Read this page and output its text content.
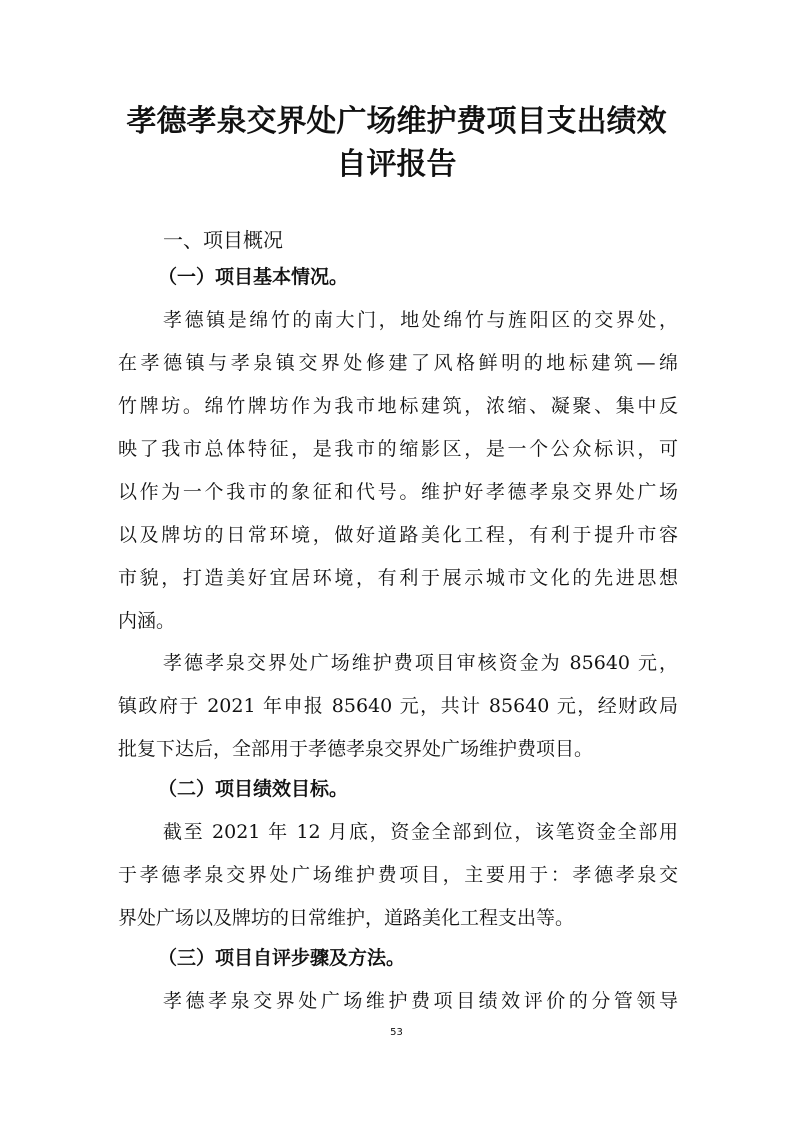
孝德孝泉交界处广场维护费项目支出绩效
自评报告
一、项目概况
（一）项目基本情况。
孝德镇是绵竹的南大门，地处绵竹与旌阳区的交界处，
在孝德镇与孝泉镇交界处修建了风格鲜明的地标建筑—绵
竹牌坊。绵竹牌坊作为我市地标建筑，浓缩、凝聚、集中反
映了我市总体特征，是我市的缩影区，是一个公众标识，可
以作为一个我市的象征和代号。维护好孝德孝泉交界处广场
以及牌坊的日常环境，做好道路美化工程，有利于提升市容
市貌，打造美好宜居环境，有利于展示城市文化的先进思想
内涵。
孝德孝泉交界处广场维护费项目审核资金为 85640 元，
镇政府于 2021 年申报 85640 元，共计 85640 元，经财政局
批复下达后，全部用于孝德孝泉交界处广场维护费项目。
（二）项目绩效目标。
截至 2021 年 12 月底，资金全部到位，该笔资金全部用
于孝德孝泉交界处广场维护费项目，主要用于：孝德孝泉交
界处广场以及牌坊的日常维护，道路美化工程支出等。
（三）项目自评步骤及方法。
孝德孝泉交界处广场维护费项目绩效评价的分管领导
53
